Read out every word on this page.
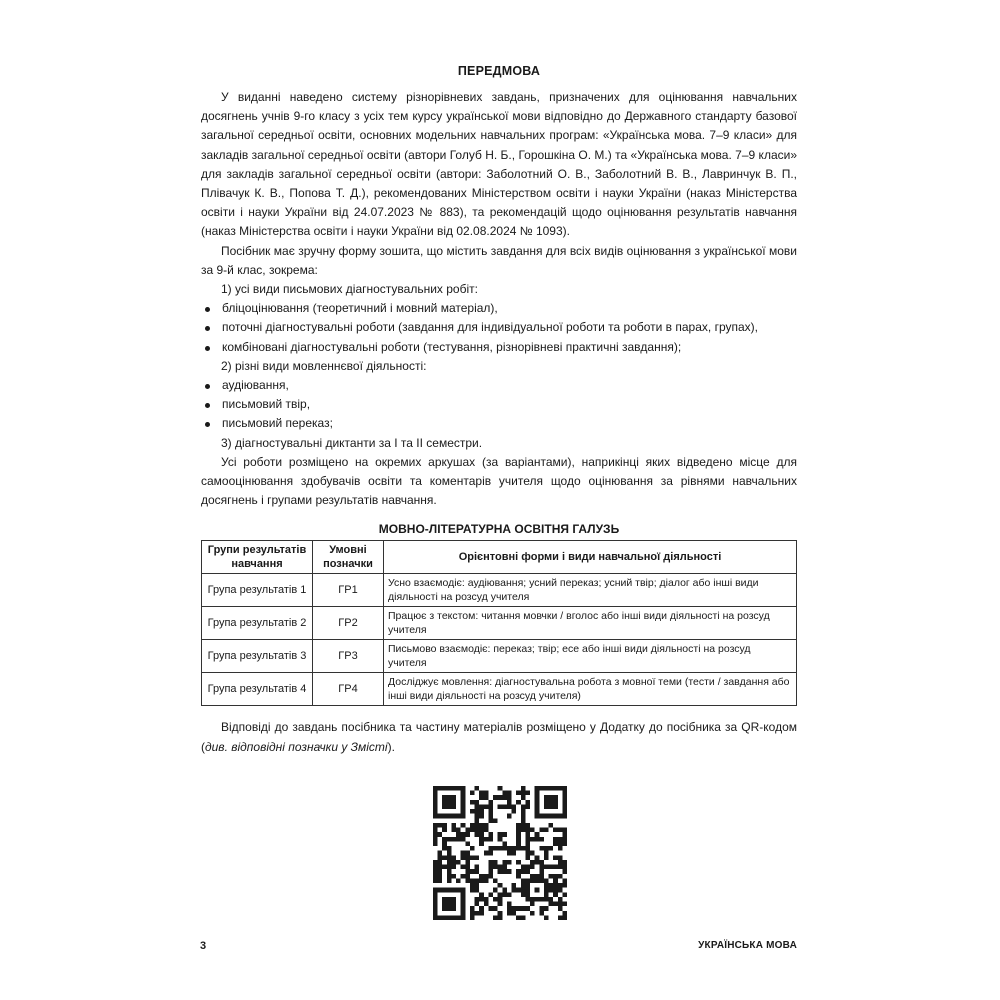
ПЕРЕДМОВА

У виданні наведено систему різнорівневих завдань, призначених для оцінювання навчальних досягнень учнів 9-го класу з усіх тем курсу української мови відповідно до Державного стандарту базової загальної середньої освіти, основних модельних навчальних програм: «Українська мова. 7–9 класи» для закладів загальної середньої освіти (автори Голуб Н. Б., Горошкіна О. М.) та «Українська мова. 7–9 класи» для закладів загальної середньої освіти (автори: Заболотний О. В., Заболотний В. В., Лавринчук В. П., Плівачук К. В., Попова Т. Д.), рекомендованих Міністерством освіти і науки України (наказ Міністерства освіти і науки України від 24.07.2023 № 883), та рекомендацій щодо оцінювання результатів навчання (наказ Міністерства освіти і науки України від 02.08.2024 № 1093).

Посібник має зручну форму зошита, що містить завдання для всіх видів оцінювання з української мови за 9-й клас, зокрема:

1) усі види письмових діагностувальних робіт:
бліцоцінювання (теоретичний і мовний матеріал),
поточні діагностувальні роботи (завдання для індивідуальної роботи та роботи в парах, групах),
комбіновані діагностувальні роботи (тестування, різнорівневі практичні завдання);
2) різні види мовленнєвої діяльності:
аудіювання,
письмовий твір,
письмовий переказ;
3) діагностувальні диктанти за І та ІІ семестри.

Усі роботи розміщено на окремих аркушах (за варіантами), наприкінці яких відведено місце для самооцінювання здобувачів освіти та коментарів учителя щодо оцінювання за рівнями навчальних досягнень і групами результатів навчання.

МОВНО-ЛІТЕРАТУРНА ОСВІТНЯ ГАЛУЗЬ
Групи результатів навчання	Умовні позначки	Орієнтовні форми і види навчальної діяльності
Група результатів 1	ГР1	Усно взаємодіє: аудіювання; усний переказ; усний твір; діалог або інші види діяльності на розсуд учителя
Група результатів 2	ГР2	Працює з текстом: читання мовчки / вголос або інші види діяльності на розсуд учителя
Група результатів 3	ГР3	Письмово взаємодіє: переказ; твір; есе або інші види діяльності на розсуд учителя
Група результатів 4	ГР4	Досліджує мовлення: діагностувальна робота з мовної теми (тести / завдання або інші види діяльності на розсуд учителя)

Відповіді до завдань посібника та частину матеріалів розміщено у Додатку до посібника за QR-кодом (див. відповідні позначки у Змісті).

3	УКРАЇНСЬКА МОВА
